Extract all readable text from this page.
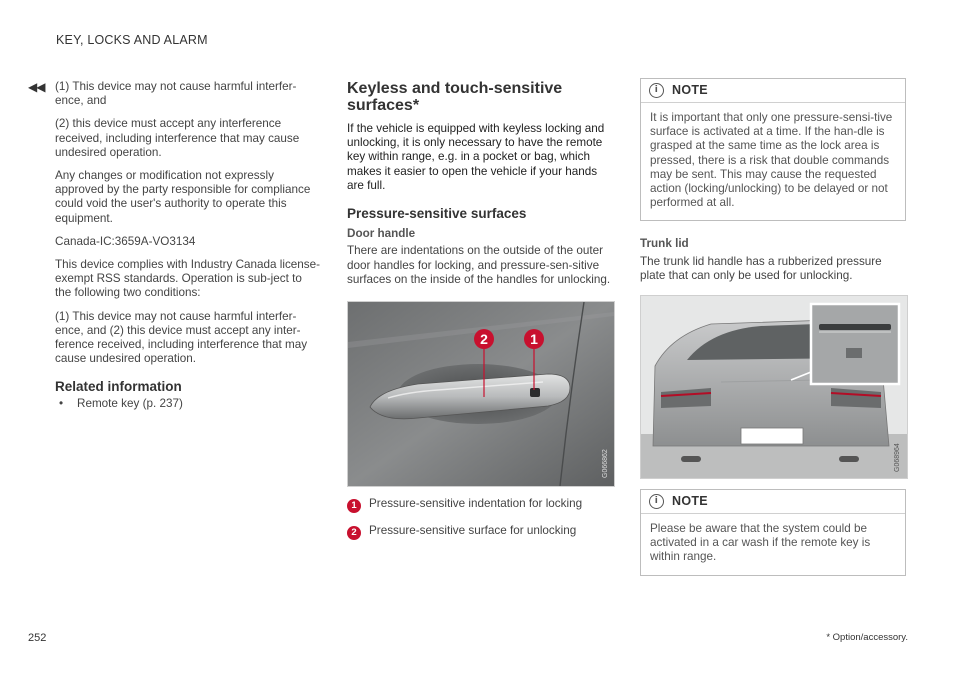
KEY, LOCKS AND ALARM
◀◀ (1) This device may not cause harmful interfer-ence, and

(2) this device must accept any interference received, including interference that may cause undesired operation.

Any changes or modification not expressly approved by the party responsible for compliance could void the user's authority to operate this equipment.

Canada-IC:3659A-VO3134

This device complies with Industry Canada license-exempt RSS standards. Operation is sub-ject to the following two conditions:

(1) This device may not cause harmful interfer-ence, and (2) this device must accept any inter-ference received, including interference that may cause undesired operation.

Related information
• Remote key (p. 237)
Keyless and touch-sensitive surfaces*

If the vehicle is equipped with keyless locking and unlocking, it is only necessary to have the remote key within range, e.g. in a pocket or bag, which makes it easier to open the vehicle if your hands are full.

Pressure-sensitive surfaces
Door handle

There are indentations on the outside of the outer door handles for locking, and pressure-sen-sitive surfaces on the inside of the handles for unlocking.

2	1
G066862
1	Pressure-sensitive indentation for locking
2	Pressure-sensitive surface for unlocking
i	NOTE
It is important that only one pressure-sensi-tive surface is activated at a time. If the han-dle is grasped at the same time as the lock area is pressed, there is a risk that double commands may be sent. This may cause the requested action (locking/unlocking) to be delayed or not performed at all.
Trunk lid

The trunk lid handle has a rubberized pressure plate that can only be used for unlocking.

G068964
i	NOTE
Please be aware that the system could be activated in a car wash if the remote key is within range.
252	* Option/accessory.
